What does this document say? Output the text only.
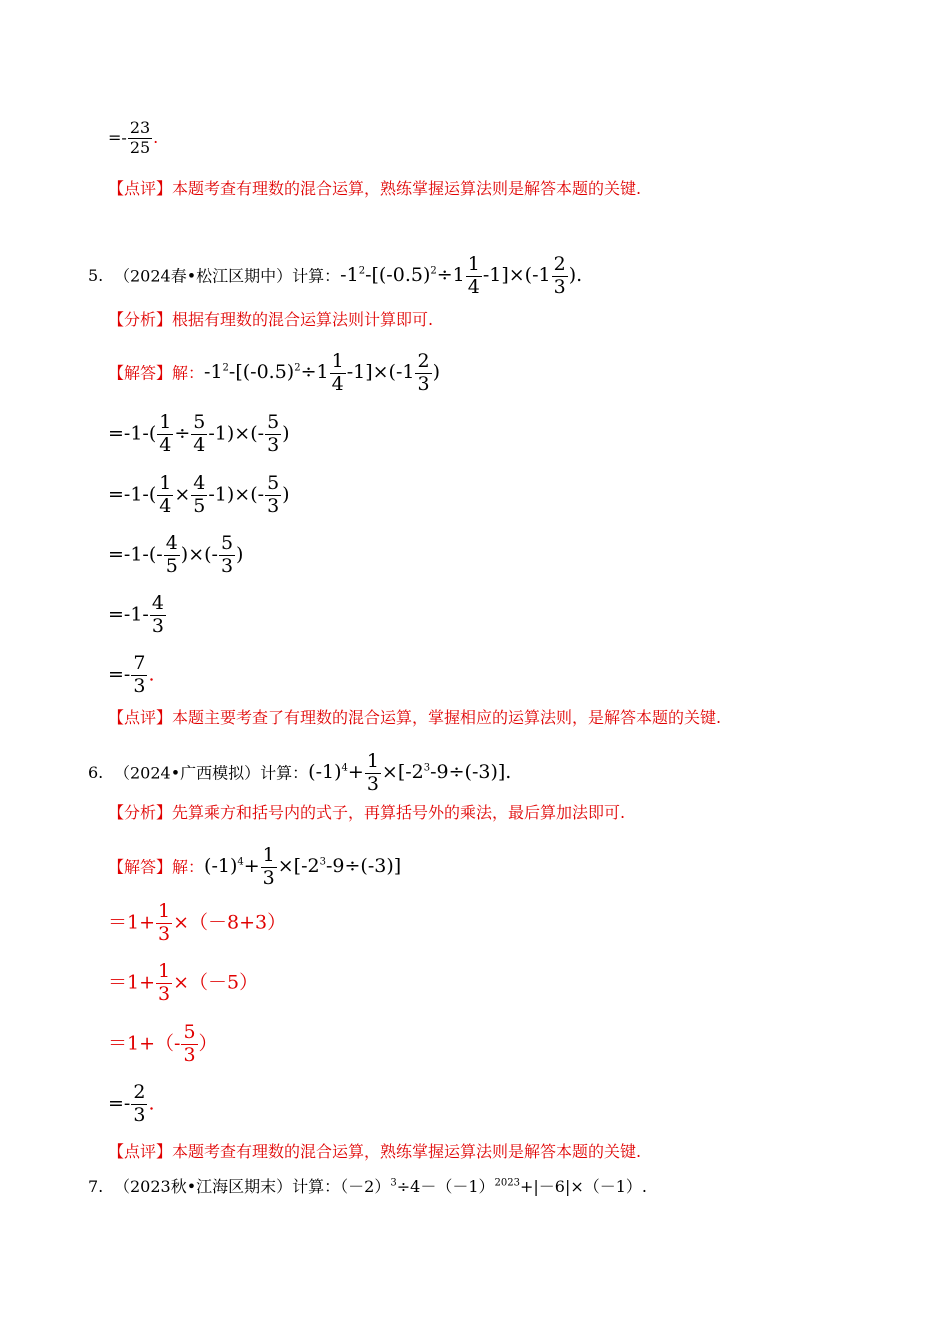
=- $\frac{23}{25}$ .
【点评】本题考查有理数的混合运算，熟练掌握运算法则是解答本题的关键.
5. （2024春•松江区期中）计算：$-1^2-[(-0.5)^2\div 1 \frac{1}{4} -1]\times(-1 \frac{2}{3}$ ).
【分析】根据有理数的混合运算法则计算即可.
【解答】解：$-1^2-[(-0.5)^2\div 1 \frac{1}{4} -1]\times(-1 \frac{2}{3}$ )
$=-1-( \frac{1}{4} \div \frac{5}{4} -1)\times(- \frac{5}{3}$ )
$=-1-( \frac{1}{4} \times \frac{4}{5} -1)\times(- \frac{5}{3}$ )
$=-1-(- \frac{4}{5}$ )×(- $\frac{5}{3}$ )
$=-1- \frac{4}{3}$
=- $\frac{7}{3}$ .
【点评】本题主要考查了有理数的混合运算，掌握相应的运算法则，是解答本题的关键.
6. （2024•广西模拟）计算：$(-1)^4+ \frac{1}{3} \times[-2^3-9\div(-3)]$.
【分析】先算乘方和括号内的式子，再算括号外的乘法，最后算加法即可.
【解答】解：$(-1)^4+ \frac{1}{3} \times[-2^3-9\div(-3)]$
$=1+ \frac{1}{3} \times(-8+3)$
$=1+ \frac{1}{3} \times(-5)$
$=1+(- \frac{5}{3}$ ）
=- $\frac{2}{3}$ .
【点评】本题考查有理数的混合运算，熟练掌握运算法则是解答本题的关键.
7. （2023秋•江海区期末）计算：$(-2)^3\div 4-(-1)^{2023}+|-6|\times(-1)$.
